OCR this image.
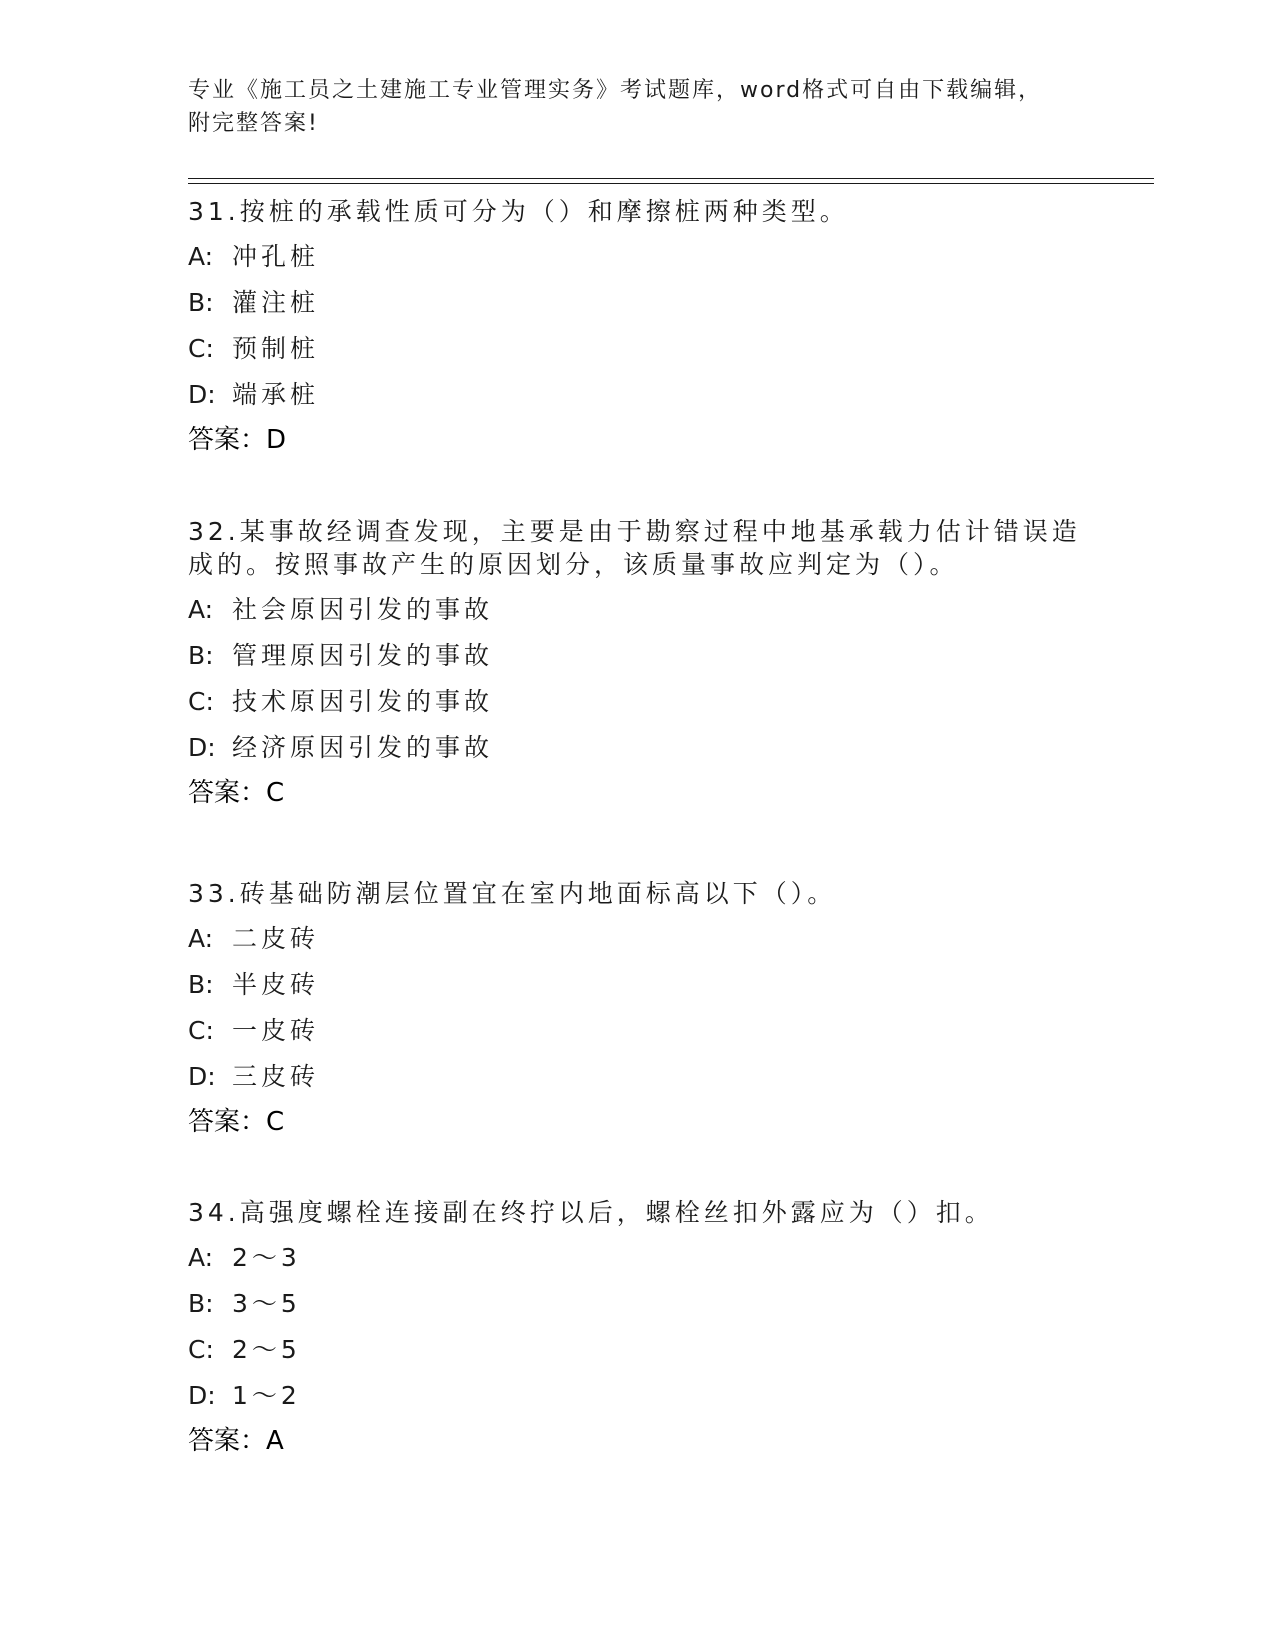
专业《施工员之土建施工专业管理实务》考试题库，word格式可自由下载编辑，
附完整答案!
31.按桩的承载性质可分为（）和摩擦桩两种类型。
A: 冲孔桩
B: 灌注桩
C: 预制桩
D: 端承桩
答案：D
32.某事故经调查发现，主要是由于勘察过程中地基承载力估计错误造成的。按照事故产生的原因划分，该质量事故应判定为（）。
A: 社会原因引发的事故
B: 管理原因引发的事故
C: 技术原因引发的事故
D: 经济原因引发的事故
答案：C
33.砖基础防潮层位置宜在室内地面标高以下（）。
A: 二皮砖
B: 半皮砖
C: 一皮砖
D: 三皮砖
答案：C
34.高强度螺栓连接副在终拧以后，螺栓丝扣外露应为（）扣。
A: 2～3
B: 3～5
C: 2～5
D: 1～2
答案：A
